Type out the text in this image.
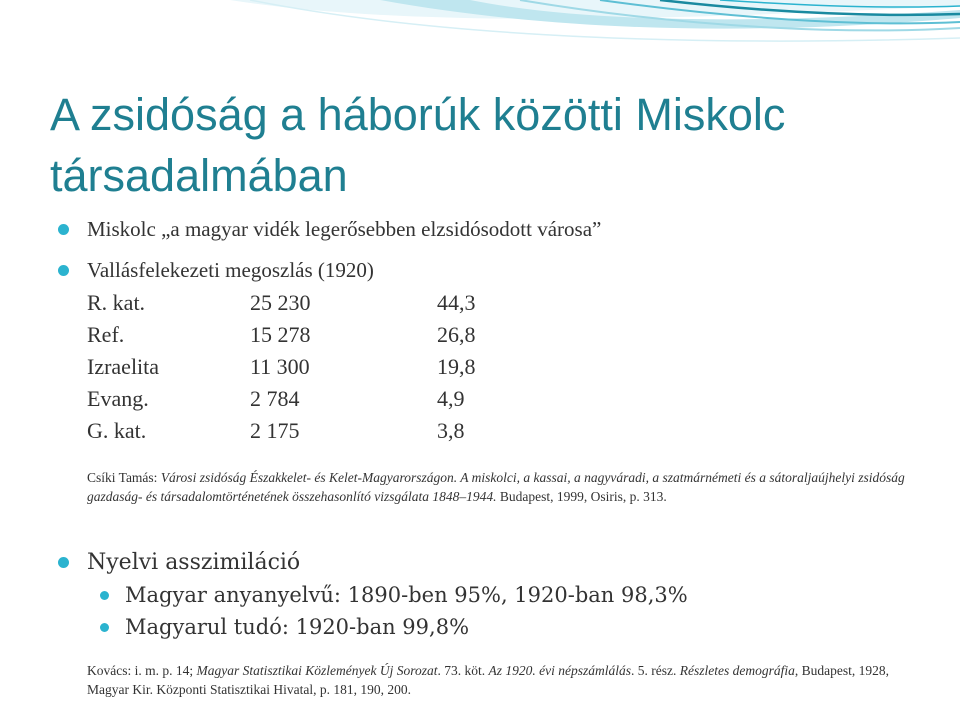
A zsidóság a háborúk közötti Miskolc
társadalmában
Miskolc „a magyar vidék legerősebben elzsidósodott városa”
Vallásfelekezeti megoszlás (1920)
R. kat.	25 230	44,3
Ref.	15 278	26,8
Izraelita	11 300	19,8
Evang.	2 784	4,9
G. kat.	2 175	3,8
Csíki Tamás: Városi zsidóság Északkelet- és Kelet-Magyarországon. A miskolci, a kassai, a nagyváradi, a szatmárnémeti és a sátoraljaújhelyi zsidóság gazdaság- és társadalomtörténetének összehasonlító vizsgálata 1848–1944. Budapest, 1999, Osiris, p. 313.
Nyelvi asszimiláció
Magyar anyanyelvű: 1890-ben 95%, 1920-ban 98,3%
Magyarul tudó: 1920-ban 99,8%
Kovács: i. m. p. 14; Magyar Statisztikai Közlemények Új Sorozat. 73. köt. Az 1920. évi népszámlálás. 5. rész. Részletes demográfia, Budapest, 1928, Magyar Kir. Központi Statisztikai Hivatal, p. 181, 190, 200.
